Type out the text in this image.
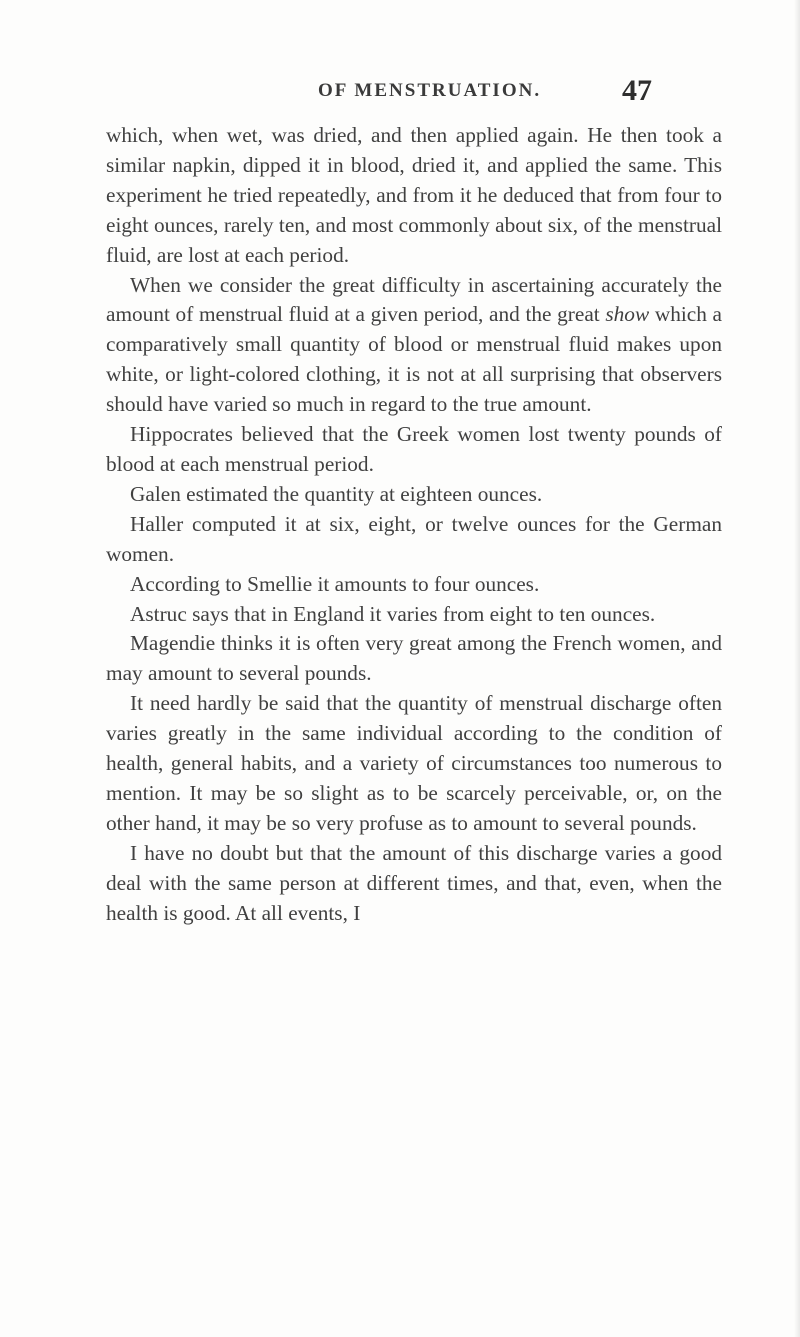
OF MENSTRUATION.	47

which, when wet, was dried, and then applied again. He then took a similar napkin, dipped it in blood, dried it, and applied the same. This experiment he tried repeatedly, and from it he deduced that from four to eight ounces, rarely ten, and most commonly about six, of the menstrual fluid, are lost at each period.

When we consider the great difficulty in ascertaining accurately the amount of menstrual fluid at a given period, and the great show which a comparatively small quantity of blood or menstrual fluid makes upon white, or light-colored clothing, it is not at all surprising that observers should have varied so much in regard to the true amount.

Hippocrates believed that the Greek women lost twenty pounds of blood at each menstrual period.

Galen estimated the quantity at eighteen ounces.

Haller computed it at six, eight, or twelve ounces for the German women.

According to Smellie it amounts to four ounces.

Astruc says that in England it varies from eight to ten ounces.

Magendie thinks it is often very great among the French women, and may amount to several pounds.

It need hardly be said that the quantity of menstrual discharge often varies greatly in the same individual according to the condition of health, general habits, and a variety of circumstances too numerous to mention. It may be so slight as to be scarcely perceivable, or, on the other hand, it may be so very profuse as to amount to several pounds.

I have no doubt but that the amount of this discharge varies a good deal with the same person at different times, and that, even, when the health is good. At all events, I
